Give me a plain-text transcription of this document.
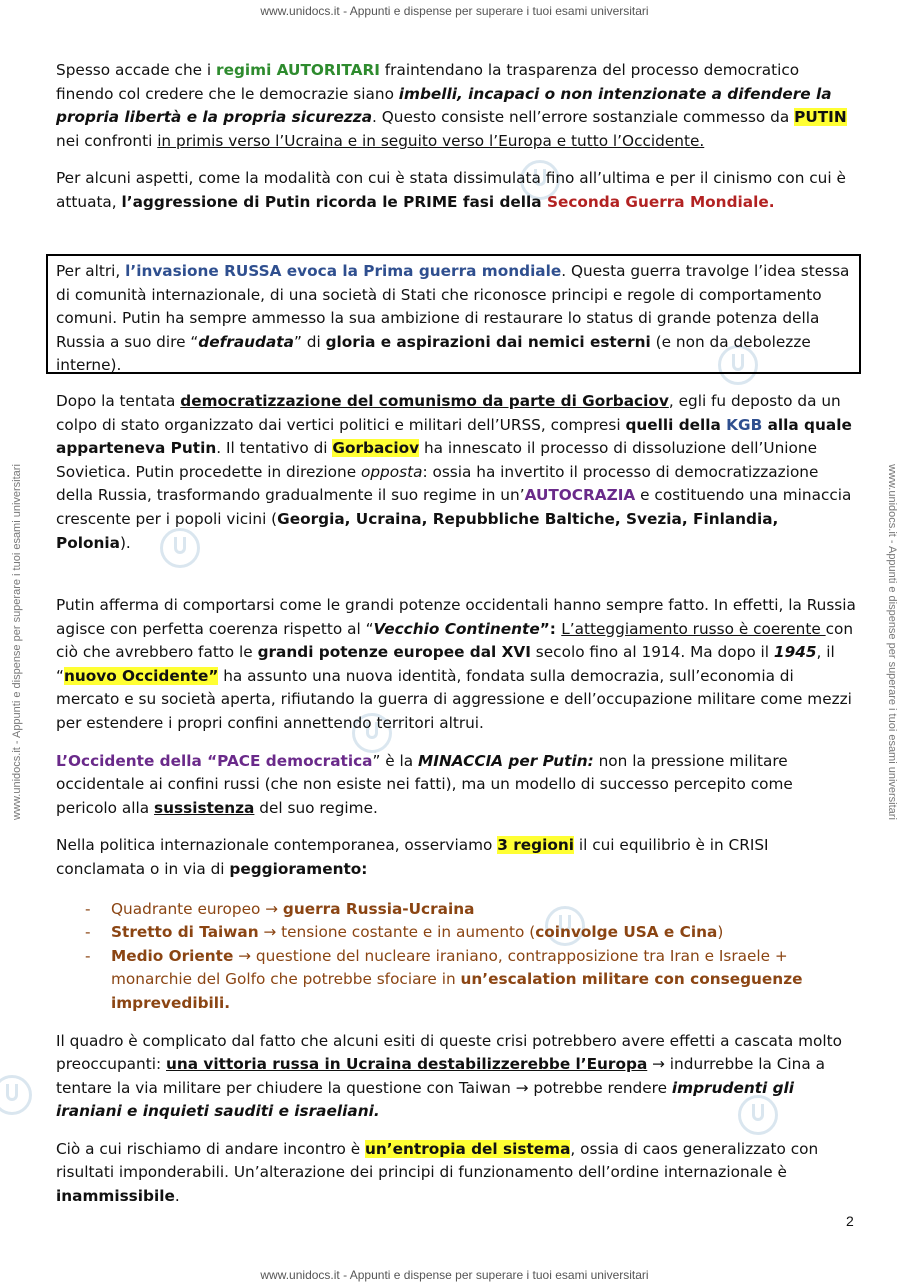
www.unidocs.it - Appunti e dispense per superare i tuoi esami universitari
www.unidocs.it - Appunti e dispense per superare i tuoi esami universitari
www.unidocs.it - Appunti e dispense per superare i tuoi esami universitari	www.unidocs.it - Appunti e dispense per superare i tuoi esami universitari

Spesso accade che i regimi AUTORITARI fraintendano la trasparenza del processo democratico finendo col credere che le democrazie siano imbelli, incapaci o non intenzionate a difendere la propria libertà e la propria sicurezza. Questo consiste nell’errore sostanziale commesso da PUTIN nei confronti in primis verso l’Ucraina e in seguito verso l’Europa e tutto l’Occidente.

Per alcuni aspetti, come la modalità con cui è stata dissimulata fino all’ultima e per il cinismo con cui è attuata, l’aggressione di Putin ricorda le PRIME fasi della Seconda Guerra Mondiale.

Per altri, l’invasione RUSSA evoca la Prima guerra mondiale. Questa guerra travolge l’idea stessa di comunità internazionale, di una società di Stati che riconosce principi e regole di comportamento comuni. Putin ha sempre ammesso la sua ambizione di restaurare lo status di grande potenza della Russia a suo dire “defraudata” di gloria e aspirazioni dai nemici esterni (e non da debolezze interne).
Dopo la tentata democratizzazione del comunismo da parte di Gorbaciov, egli fu deposto da un colpo di stato organizzato dai vertici politici e militari dell’URSS, compresi quelli della KGB alla quale apparteneva Putin. Il tentativo di Gorbaciov ha innescato il processo di dissoluzione dell’Unione Sovietica. Putin procedette in direzione opposta: ossia ha invertito il processo di democratizzazione della Russia, trasformando gradualmente il suo regime in un’AUTOCRAZIA e costituendo una minaccia crescente per i popoli vicini (Georgia, Ucraina, Repubbliche Baltiche, Svezia, Finlandia, Polonia).

Putin afferma di comportarsi come le grandi potenze occidentali hanno sempre fatto. In effetti, la Russia agisce con perfetta coerenza rispetto al “Vecchio Continente”: L’atteggiamento russo è coerente con ciò che avrebbero fatto le grandi potenze europee dal XVI secolo fino al 1914. Ma dopo il 1945, il “nuovo Occidente” ha assunto una nuova identità, fondata sulla democrazia, sull’economia di mercato e su società aperta, rifiutando la guerra di aggressione e dell’occupazione militare come mezzi per estendere i propri confini annettendo territori altrui.

L’Occidente della “PACE democratica” è la MINACCIA per Putin: non la pressione militare occidentale ai confini russi (che non esiste nei fatti), ma un modello di successo percepito come pericolo alla sussistenza del suo regime.

Nella politica internazionale contemporanea, osserviamo 3 regioni il cui equilibrio è in CRISI conclamata o in via di peggioramento:

- Quadrante europeo → guerra Russia-Ucraina
- Stretto di Taiwan → tensione costante e in aumento (coinvolge USA e Cina)
- Medio Oriente → questione del nucleare iraniano, contrapposizione tra Iran e Israele + monarchie del Golfo che potrebbe sfociare in un’escalation militare con conseguenze imprevedibili.

Il quadro è complicato dal fatto che alcuni esiti di queste crisi potrebbero avere effetti a cascata molto preoccupanti: una vittoria russa in Ucraina destabilizzerebbe l’Europa → indurrebbe la Cina a tentare la via militare per chiudere la questione con Taiwan → potrebbe rendere imprudenti gli iraniani e inquieti sauditi e israeliani.

Ciò a cui rischiamo di andare incontro è un’entropia del sistema, ossia di caos generalizzato con risultati imponderabili. Un’alterazione dei principi di funzionamento dell’ordine internazionale è inammissibile.

2
